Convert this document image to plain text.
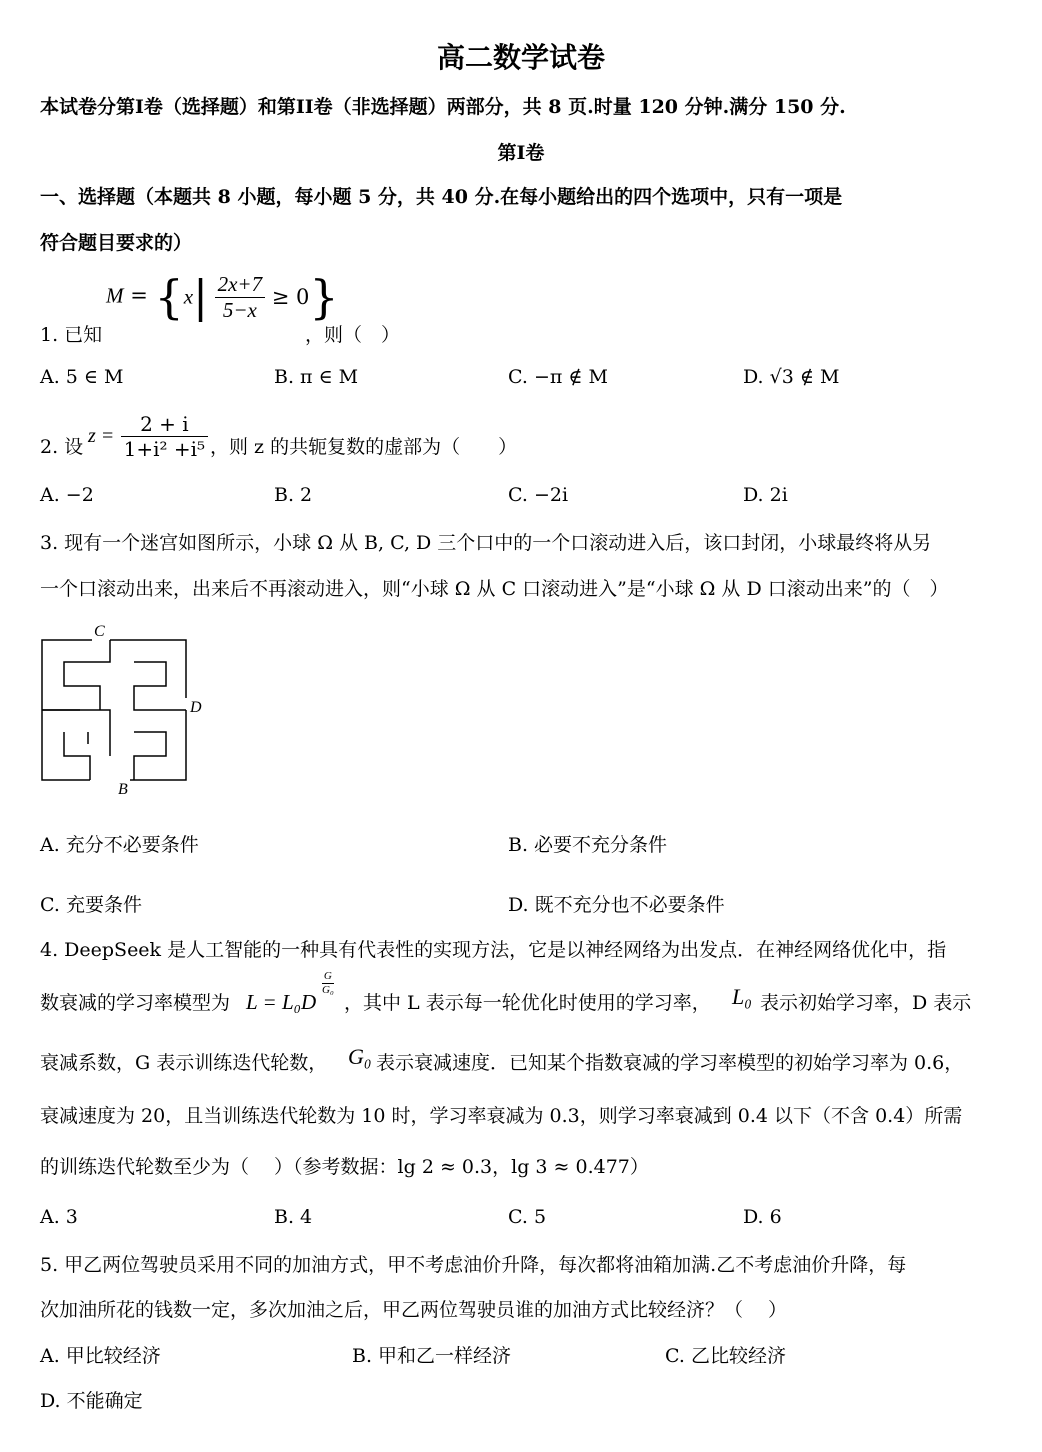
高二数学试卷
本试卷分第I卷（选择题）和第II卷（非选择题）两部分，共 8 页.时量 120 分钟.满分 150 分.
第I卷
一、选择题（本题共 8 小题，每小题 5 分，共 40 分.在每小题给出的四个选项中，只有一项是
符合题目要求的）
1. 已知
$M = \{x| \frac{2x+7}{5-x} \ge 0\}$
，则（　）
A. 5 ∈ M	B. π ∈ M	C. −π ∉ M	D. √3 ∉ M
2. 设 $z = \frac{2 + i}{\text{1+i² +i⁵}}$ ，则 z 的共轭复数的虚部为（　　）
A. −2	B. 2	C. −2i	D. 2i
3. 现有一个迷宫如图所示，小球 Ω 从 B, C, D 三个口中的一个口滚动进入后，该口封闭，小球最终将从另
一个口滚动出来，出来后不再滚动进入，则“小球 Ω 从 C 口滚动进入”是“小球 Ω 从 D 口滚动出来”的（　）
C
D
B
A. 充分不必要条件	B. 必要不充分条件
C. 充要条件	D. 既不充分也不必要条件
4. DeepSeek 是人工智能的一种具有代表性的实现方法，它是以神经网络为出发点．在神经网络优化中，指
数衰减的学习率模型为 L = L₀D
$\frac{G}{\text{G₀}}$
，其中 L 表示每一轮优化时使用的学习率， L₀ 表示初始学习率，D 表示
衰减系数，G 表示训练迭代轮数， G₀ 表示衰减速度．已知某个指数衰减的学习率模型的初始学习率为 0.6，
衰减速度为 20，且当训练迭代轮数为 10 时，学习率衰减为 0.3，则学习率衰减到 0.4 以下（不含 0.4）所需
的训练迭代轮数至少为（　 ）（参考数据：lg 2 ≈ 0.3，lg 3 ≈ 0.477）
A. 3	B. 4	C. 5	D. 6
5. 甲乙两位驾驶员采用不同的加油方式，甲不考虑油价升降，每次都将油箱加满.乙不考虑油价升降，每
次加油所花的钱数一定，多次加油之后，甲乙两位驾驶员谁的加油方式比较经济？（　 ）
A. 甲比较经济	B. 甲和乙一样经济	C. 乙比较经济
D. 不能确定
